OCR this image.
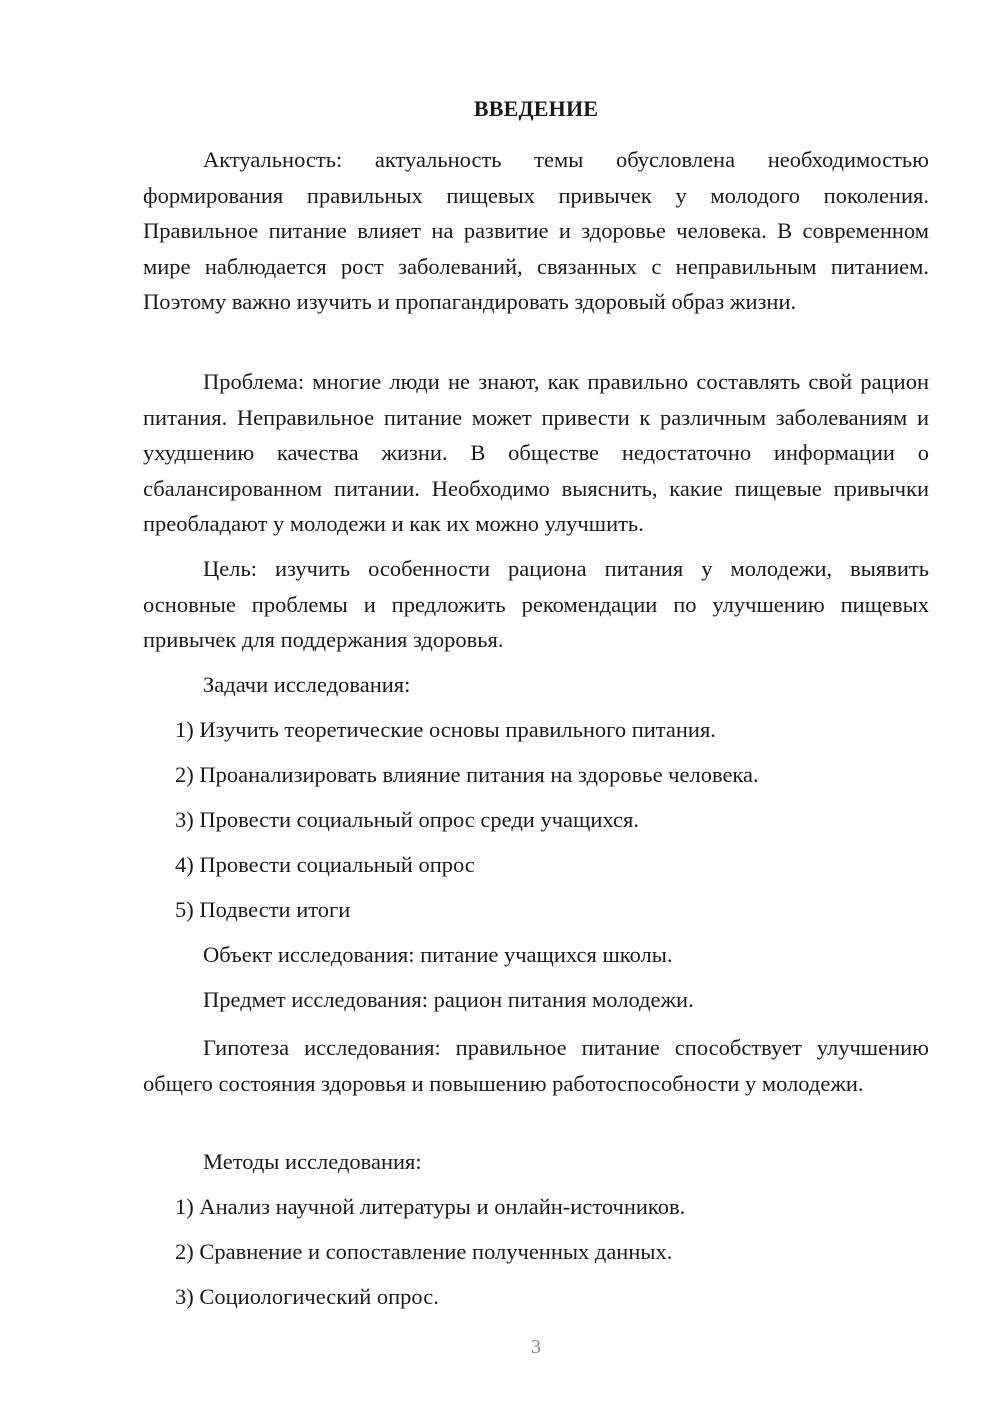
ВВЕДЕНИЕ

Актуальность: актуальность темы обусловлена необходимостью формирования правильных пищевых привычек у молодого поколения. Правильное питание влияет на развитие и здоровье человека. В современном мире наблюдается рост заболеваний, связанных с неправильным питанием. Поэтому важно изучить и пропагандировать здоровый образ жизни.

Проблема: многие люди не знают, как правильно составлять свой рацион питания. Неправильное питание может привести к различным заболеваниям и ухудшению качества жизни. В обществе недостаточно информации о сбалансированном питании. Необходимо выяснить, какие пищевые привычки преобладают у молодежи и как их можно улучшить.

Цель: изучить особенности рациона питания у молодежи, выявить основные проблемы и предложить рекомендации по улучшению пищевых привычек для поддержания здоровья.

Задачи исследования:

1) Изучить теоретические основы правильного питания.

2) Проанализировать влияние питания на здоровье человека.

3) Провести социальный опрос среди учащихся.

4) Провести социальный опрос

5) Подвести итоги

Объект исследования: питание учащихся школы.

Предмет исследования: рацион питания молодежи.

Гипотеза исследования: правильное питание способствует улучшению общего состояния здоровья и повышению работоспособности у молодежи.

Методы исследования:

1) Анализ научной литературы и онлайн-источников.

2) Сравнение и сопоставление полученных данных.

3) Социологический опрос.

3
